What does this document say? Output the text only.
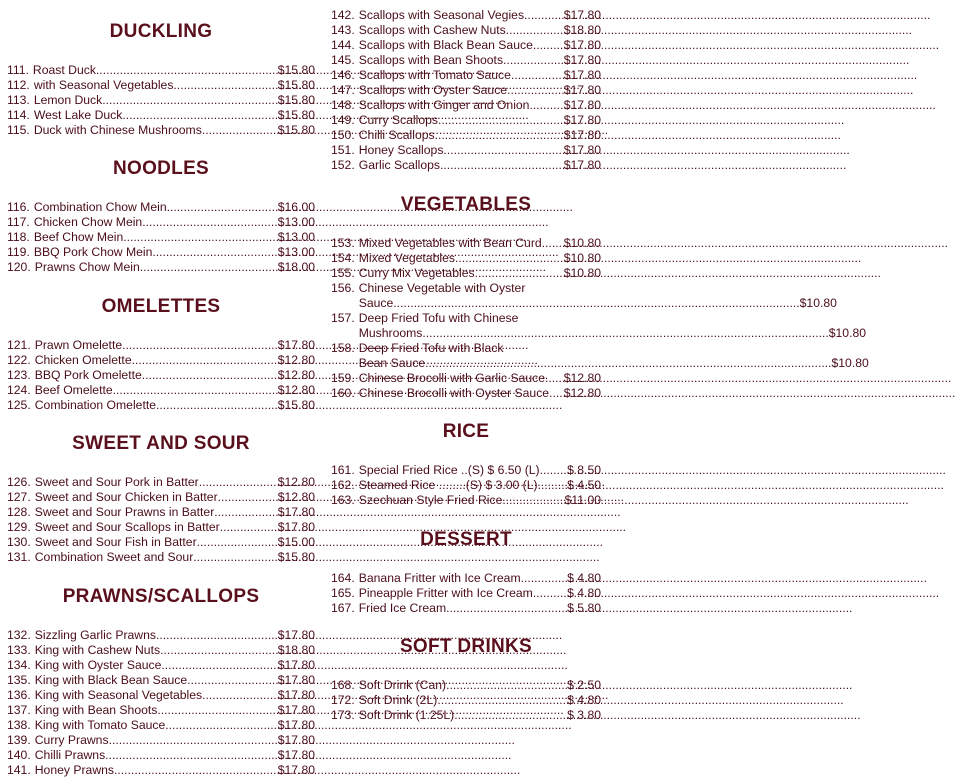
DUCKLING
111. Roast Duck .....	$15.80
112. with Seasonal Vegetables .....	$15.80
113. Lemon Duck .....	$15.80
114. West Lake Duck .....	$15.80
115. Duck with Chinese Mushrooms .....	$15.80
NOODLES
116. Combination Chow Mein .....	$16.00
117. Chicken Chow Mein .....	$13.00
118. Beef Chow Mein .....	$13.00
119. BBQ Pork Chow Mein .....	$13.00
120. Prawns Chow Mein .....	$18.00
OMELETTES
121. Prawn Omelette .....	$17.80
122. Chicken Omelette .....	$12.80
123. BBQ Pork Omelette .....	$12.80
124. Beef Omelette .....	$12.80
125. Combination Omelette .....	$15.80
SWEET AND SOUR
126. Sweet and Sour Pork in Batter .....	$12.80
127. Sweet and Sour Chicken in Batter .....	$12.80
128. Sweet and Sour Prawns in Batter .....	$17.80
129. Sweet and Sour Scallops in Batter .....	$17.80
130. Sweet and Sour Fish in Batter .....	$15.00
131. Combination Sweet and Sour .....	$15.80
PRAWNS/SCALLOPS
132. Sizzling Garlic Prawns .....	$17.80
133. King with Cashew Nuts .....	$18.80
134. King with Oyster Sauce .....	$17.80
135. King with Black Bean Sauce .....	$17.80
136. King with Seasonal Vegetables .....	$17.80
137. King with Bean Shoots .....	$17.80
138. King with Tomato Sauce .....	$17.80
139. Curry Prawns .....	$17.80
140. Chilli Prawns .....	$17.80
141. Honey Prawns .....	$17.80
142. Scallops with Seasonal Vegies .....	$17.80
143. Scallops with Cashew Nuts .....	$18.80
144. Scallops with Black Bean Sauce .....	$17.80
145. Scallops with Bean Shoots .....	$17.80
146. Scallops with Tomato Sauce .....	$17.80
147. Scallops with Oyster Sauce .....	$17.80
148. Scallops with Ginger and Onion .....	$17.80
149. Curry Scallops .....	$17.80
150. Chilli Scallops .....	$17.80
151. Honey Scallops .....	$17.80
152. Garlic Scallops .....	$17.80
VEGETABLES
153. Mixed Vegetables with Bean Curd ..... $10.80
154. Mixed Vegetables .....	$10.80
155. Curry Mix Vegetables .....	$10.80
156. Chinese Vegetable with Oyster
Sauce .....	$10.80
157. Deep Fried Tofu with Chinese
Mushrooms .....	$10.80
158. Deep Fried Tofu with Black
Bean Sauce .....	$10.80
159. Chinese Brocolli with Garlic Sauce ..... $12.80
160. Chinese Brocolli with Oyster Sauce ..... $12.80
RICE
161. Special Fried Rice ..(S) $ 6.50 (L) ..... $ 8.50
162. Steamed Rice ........(S) $ 3.00 (L) ..... $ 4.50
163. Szechuan Style Fried Rice .....	$11.00
DESSERT
164. Banana Fritter with Ice Cream .....	$ 4.80
165. Pineapple Fritter with Ice Cream .....	$ 4.80
167. Fried Ice Cream .....	$ 5.80
SOFT DRINKS
168. Soft Drink (Can) .....	$ 2.50
172. Soft Drink (2L) .....	$ 4.80
173. Soft Drink (1.25L) .....	$ 3.80
